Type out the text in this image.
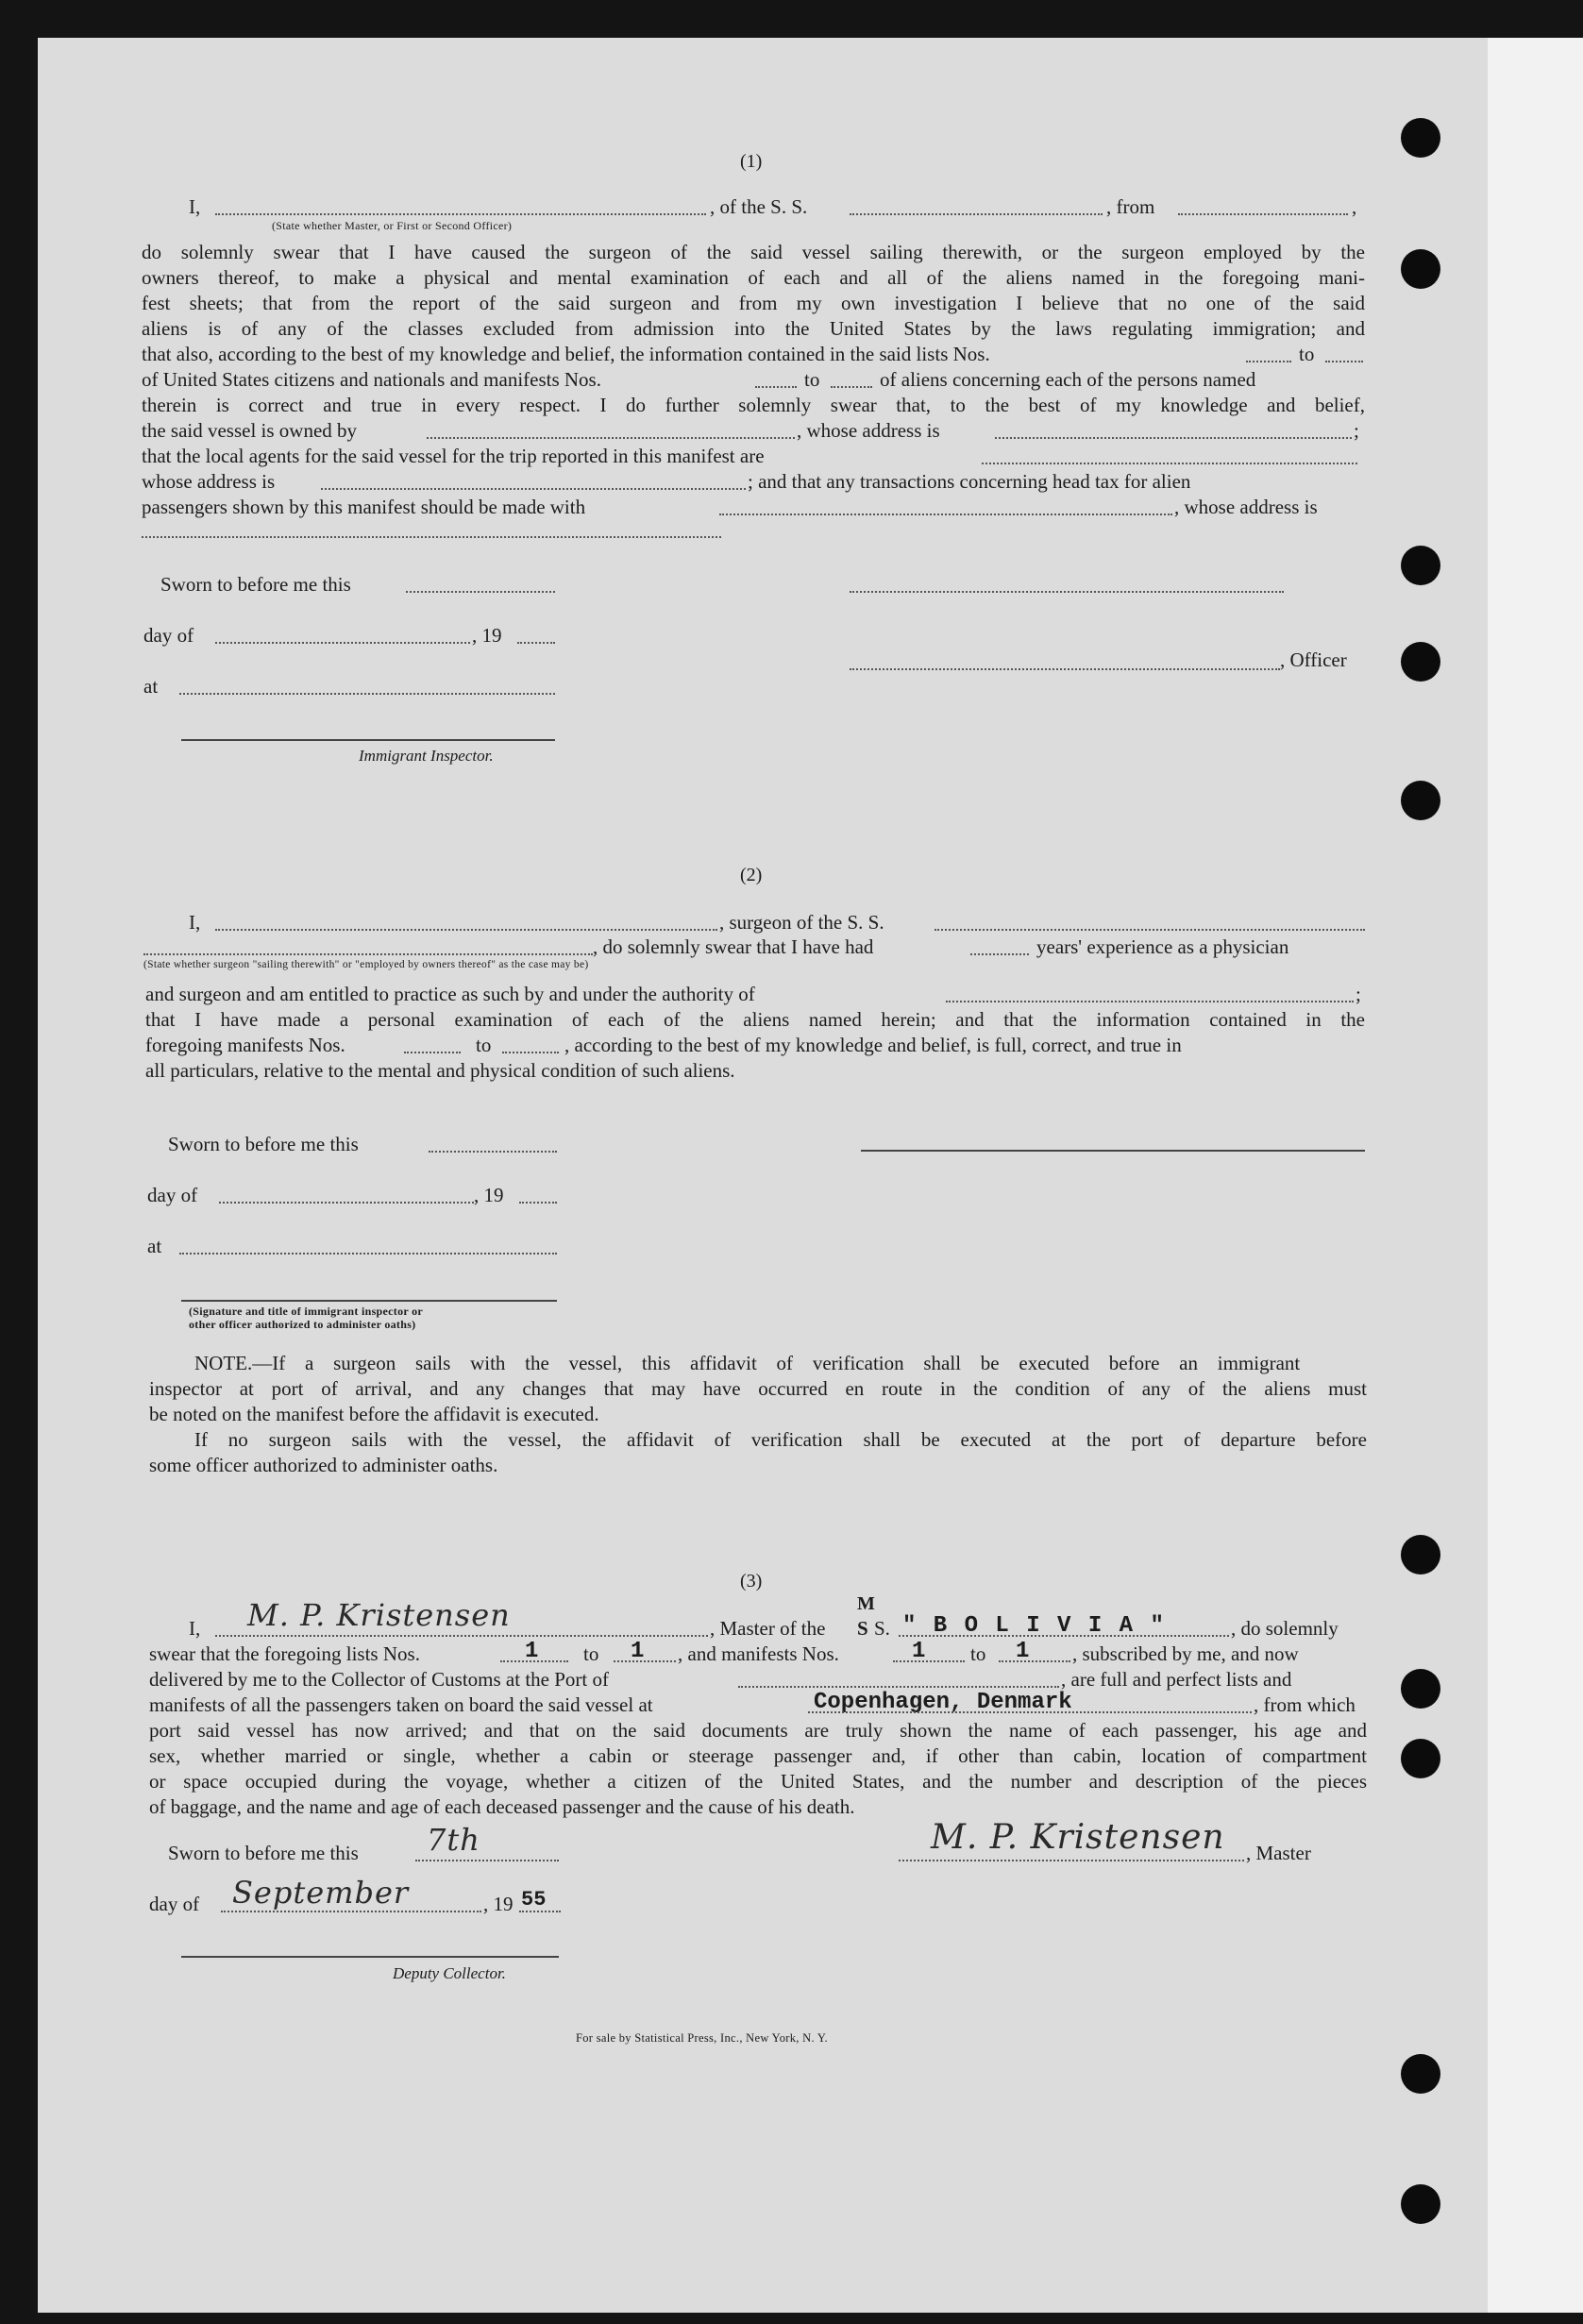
(1)
I,	, of the S. S.	, from	,
(State whether Master, or First or Second Officer)
do solemnly swear that I have caused the surgeon of the said vessel sailing therewith, or the surgeon employed by the
owners thereof, to make a physical and mental examination of each and all of the aliens named in the foregoing mani-
fest sheets; that from the report of the said surgeon and from my own investigation I believe that no one of the said
aliens is of any of the classes excluded from admission into the United States by the laws regulating immigration; and
that also, according to the best of my knowledge and belief, the information contained in the said lists Nos.	to
of United States citizens and nationals and manifests Nos.	to	of aliens concerning each of the persons named
therein is correct and true in every respect. I do further solemnly swear that, to the best of my knowledge and belief,
the said vessel is owned by	, whose address is	;
that the local agents for the said vessel for the trip reported in this manifest are
whose address is	; and that any transactions concerning head tax for alien
passengers shown by this manifest should be made with	, whose address is
Sworn to before me this
day of	, 19
, Officer
at
Immigrant Inspector.
(2)
I,	, surgeon of the S. S.
, do solemnly swear that I have had	years' experience as a physician
(State whether surgeon "sailing therewith" or "employed by owners thereof" as the case may be)
and surgeon and am entitled to practice as such by and under the authority of	;
that I have made a personal examination of each of the aliens named herein; and that the information contained in the
foregoing manifests Nos.	to	, according to the best of my knowledge and belief, is full, correct, and true in
all particulars, relative to the mental and physical condition of such aliens.
Sworn to before me this
day of	, 19
at
(Signature and title of immigrant inspector or
other officer authorized to administer oaths)
NOTE.—If a surgeon sails with the vessel, this affidavit of verification shall be executed before an immigrant
inspector at port of arrival, and any changes that may have occurred en route in the condition of any of the aliens must
be noted on the manifest before the affidavit is executed.
If no surgeon sails with the vessel, the affidavit of verification shall be executed at the port of departure before
some officer authorized to administer oaths.
(3)
I, M. P. Kristensen	, Master of the
M
S S. " B O L I V I A "	, do solemnly
swear that the foregoing lists Nos.	1 to 1 , and manifests Nos.	1 to 1 , subscribed by me, and now
delivered by me to the Collector of Customs at the Port of	, are full and perfect lists and
manifests of all the passengers taken on board the said vessel at	Copenhagen, Denmark	, from which
port said vessel has now arrived; and that on the said documents are truly shown the name of each passenger, his age and
sex, whether married or single, whether a cabin or steerage passenger and, if other than cabin, location of compartment
or space occupied during the voyage, whether a citizen of the United States, and the number and description of the pieces
of baggage, and the name and age of each deceased passenger and the cause of his death.
Sworn to before me this 7th	M. P. Kristensen , Master
day of September	, 19 55
Deputy Collector.
For sale by Statistical Press, Inc., New York, N. Y.
